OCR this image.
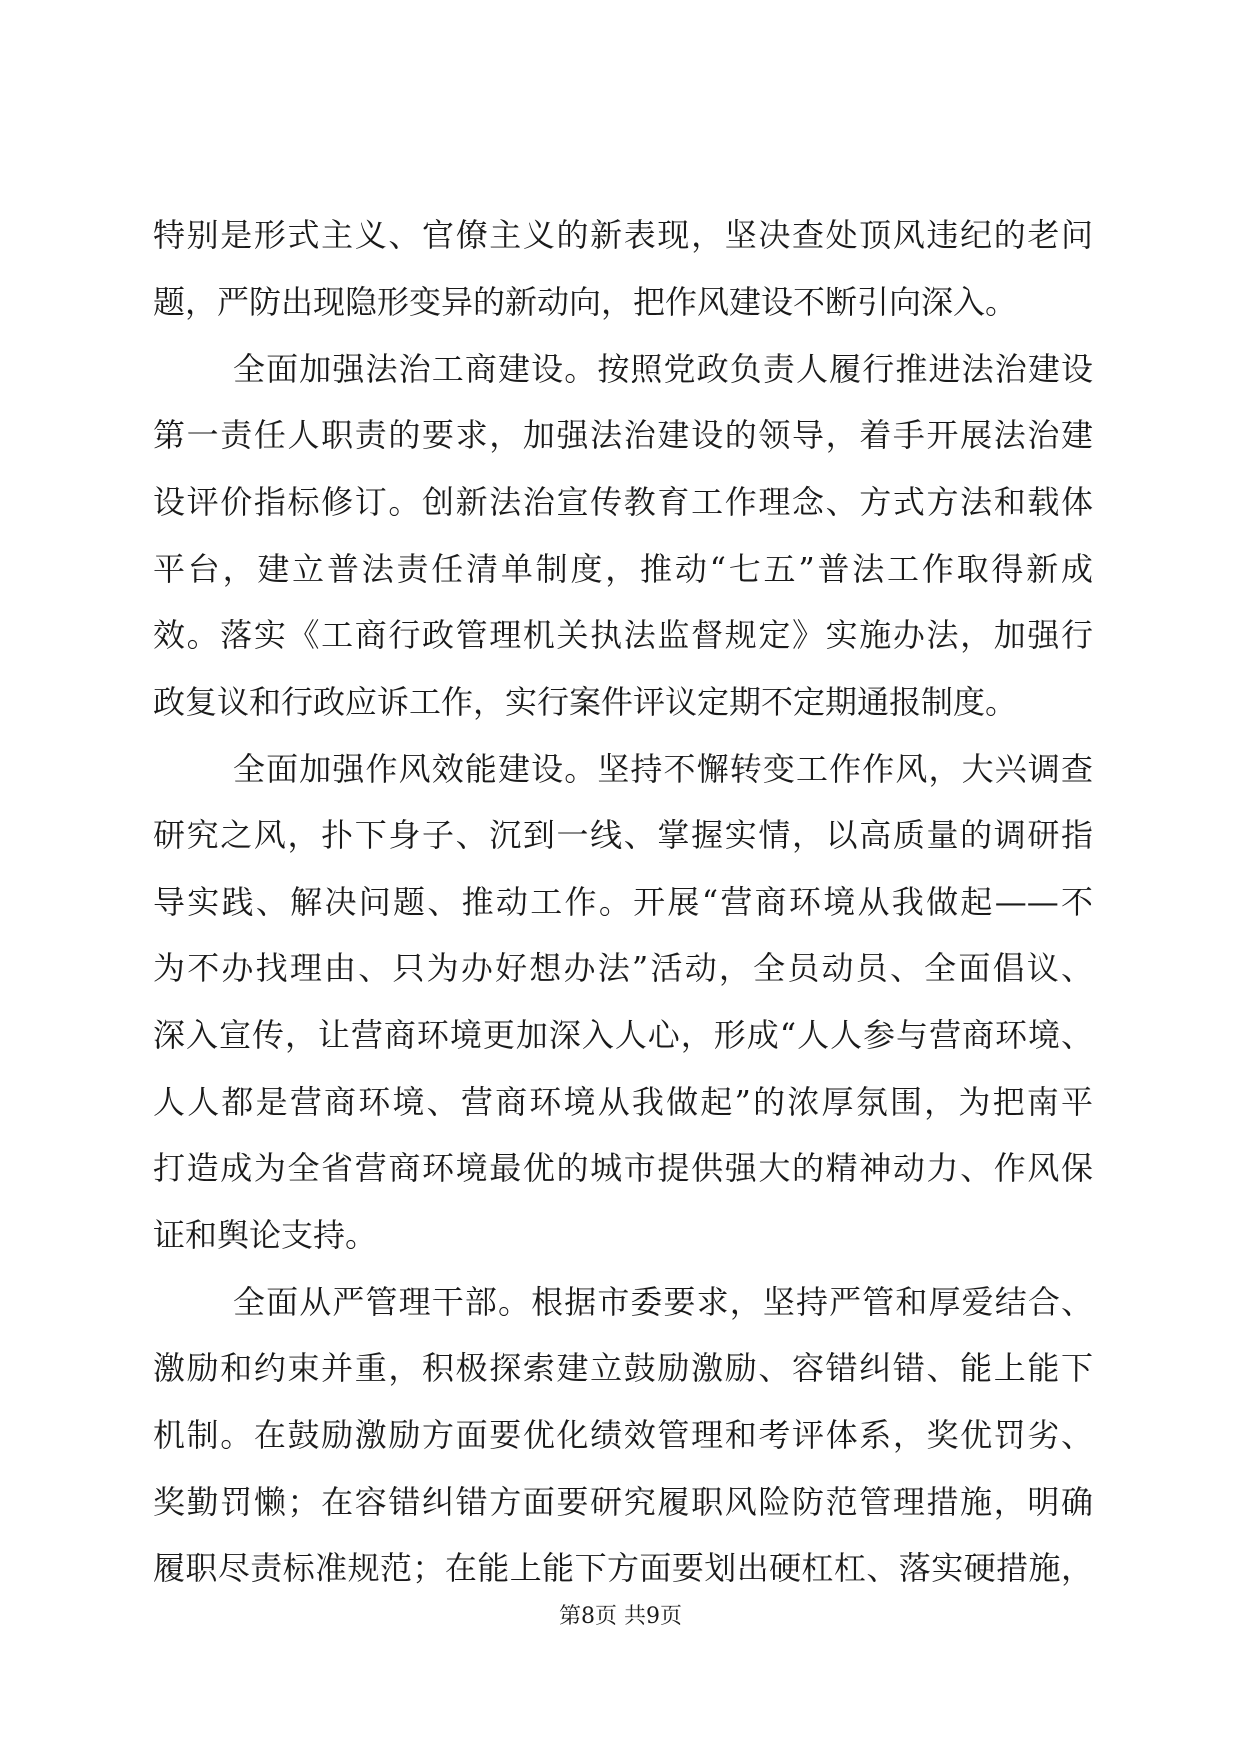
特别是形式主义、官僚主义的新表现，坚决查处顶风违纪的老问
题，严防出现隐形变异的新动向，把作风建设不断引向深入。
全面加强法治工商建设。按照党政负责人履行推进法治建设
第一责任人职责的要求，加强法治建设的领导，着手开展法治建
设评价指标修订。创新法治宣传教育工作理念、方式方法和载体
平台，建立普法责任清单制度，推动“七五”普法工作取得新成
效。落实《工商行政管理机关执法监督规定》实施办法，加强行
政复议和行政应诉工作，实行案件评议定期不定期通报制度。
全面加强作风效能建设。坚持不懈转变工作作风，大兴调查
研究之风，扑下身子、沉到一线、掌握实情，以高质量的调研指
导实践、解决问题、推动工作。开展“营商环境从我做起——不
为不办找理由、只为办好想办法”活动，全员动员、全面倡议、
深入宣传，让营商环境更加深入人心，形成“人人参与营商环境、
人人都是营商环境、营商环境从我做起”的浓厚氛围，为把南平
打造成为全省营商环境最优的城市提供强大的精神动力、作风保
证和舆论支持。
全面从严管理干部。根据市委要求，坚持严管和厚爱结合、
激励和约束并重，积极探索建立鼓励激励、容错纠错、能上能下
机制。在鼓励激励方面要优化绩效管理和考评体系，奖优罚劣、
奖勤罚懒；在容错纠错方面要研究履职风险防范管理措施，明确
履职尽责标准规范；在能上能下方面要划出硬杠杠、落实硬措施，
第8页 共9页
